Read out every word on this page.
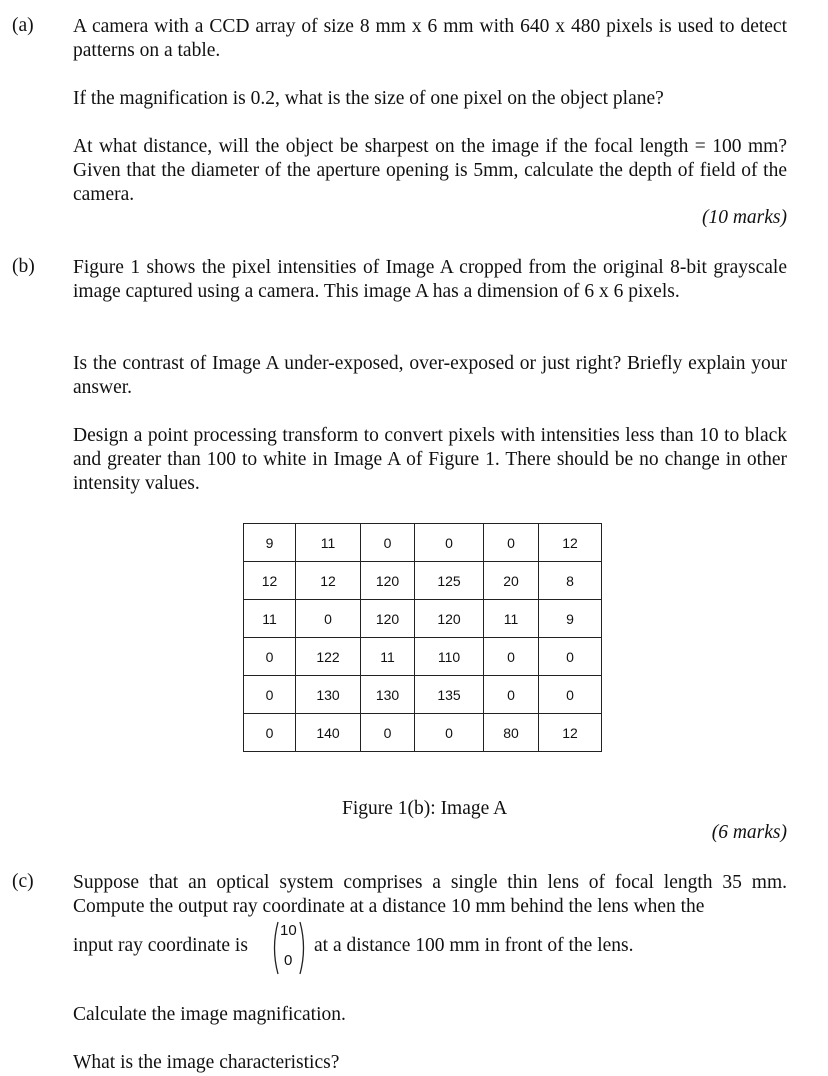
(a) A camera with a CCD array of size 8 mm x 6 mm with 640 x 480 pixels is used to detect patterns on a table.
If the magnification is 0.2, what is the size of one pixel on the object plane?
At what distance, will the object be sharpest on the image if the focal length = 100 mm? Given that the diameter of the aperture opening is 5mm, calculate the depth of field of the camera.
(10 marks)
(b) Figure 1 shows the pixel intensities of Image A cropped from the original 8-bit grayscale image captured using a camera. This image A has a dimension of 6 x 6 pixels.
Is the contrast of Image A under-exposed, over-exposed or just right? Briefly explain your answer.
Design a point processing transform to convert pixels with intensities less than 10 to black and greater than 100 to white in Image A of Figure 1. There should be no change in other intensity values.
9	11	0	0	0	12
12	12	120	125	20	8
11	0	120	120	11	9
0	122	11	110	0	0
0	130	130	135	0	0
0	140	0	0	80	12
Figure 1(b): Image A
(6 marks)
(c) Suppose that an optical system comprises a single thin lens of focal length 35 mm. Compute the output ray coordinate at a distance 10 mm behind the lens when the
input ray coordinate is
10
0
at a distance 100 mm in front of the lens.
Calculate the image magnification.
What is the image characteristics?
